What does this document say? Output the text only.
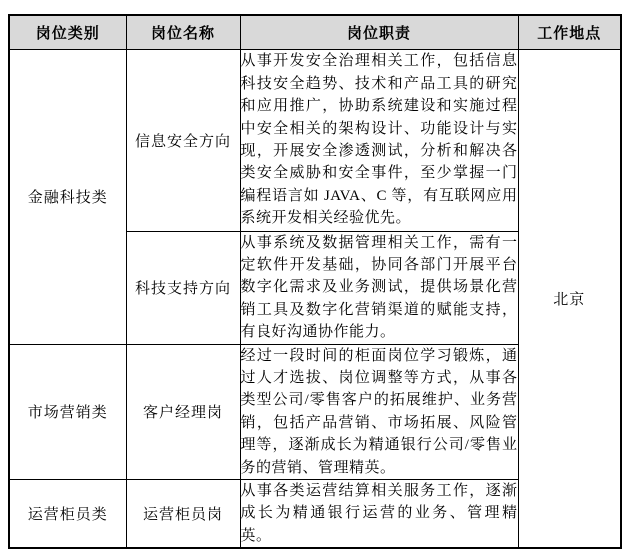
岗位类别	岗位名称	岗位职责	工作地点
金融科技类	信息安全方向	从事开发安全治理相关工作，包括信息科技安全趋势、技术和产品工具的研究和应用推广，协助系统建设和实施过程中安全相关的架构设计、功能设计与实现，开展安全渗透测试，分析和解决各类安全威胁和安全事件，至少掌握一门编程语言如 JAVA、C 等，有互联网应用系统开发相关经验优先。	北京
	科技支持方向	从事系统及数据管理相关工作，需有一定软件开发基础，协同各部门开展平台数字化需求及业务测试，提供场景化营销工具及数字化营销渠道的赋能支持，有良好沟通协作能力。	
市场营销类	客户经理岗	经过一段时间的柜面岗位学习锻炼，通过人才选拔、岗位调整等方式，从事各类型公司/零售客户的拓展维护、业务营销，包括产品营销、市场拓展、风险管理等，逐渐成长为精通银行公司/零售业务的营销、管理精英。	
运营柜员类	运营柜员岗	从事各类运营结算相关服务工作，逐渐成长为精通银行运营的业务、管理精英。	
